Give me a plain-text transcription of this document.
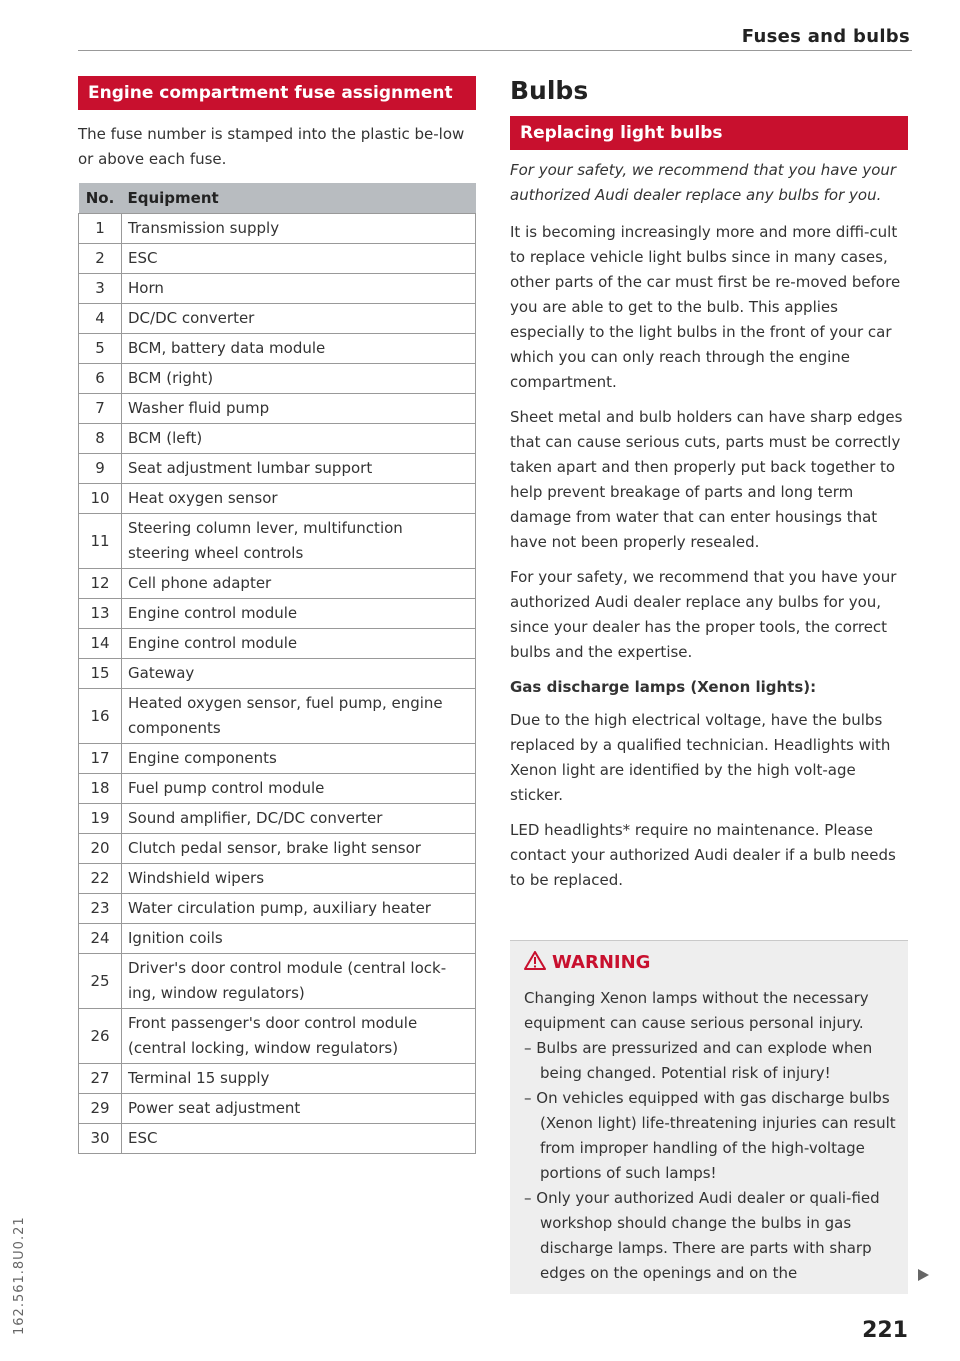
Fuses and bulbs
Engine compartment fuse assignment
The fuse number is stamped into the plastic be-low or above each fuse.
No.	Equipment
1	Transmission supply
2	ESC
3	Horn
4	DC/DC converter
5	BCM, battery data module
6	BCM (right)
7	Washer fluid pump
8	BCM (left)
9	Seat adjustment lumbar support
10	Heat oxygen sensor
11	Steering column lever, multifunction steering wheel controls
12	Cell phone adapter
13	Engine control module
14	Engine control module
15	Gateway
16	Heated oxygen sensor, fuel pump, engine components
17	Engine components
18	Fuel pump control module
19	Sound amplifier, DC/DC converter
20	Clutch pedal sensor, brake light sensor
22	Windshield wipers
23	Water circulation pump, auxiliary heater
24	Ignition coils
25	Driver's door control module (central lock-ing, window regulators)
26	Front passenger's door control module (central locking, window regulators)
27	Terminal 15 supply
29	Power seat adjustment
30	ESC
Bulbs
Replacing light bulbs

For your safety, we recommend that you have your authorized Audi dealer replace any bulbs for you.

It is becoming increasingly more and more diffi-cult to replace vehicle light bulbs since in many cases, other parts of the car must first be re-moved before you are able to get to the bulb. This applies especially to the light bulbs in the front of your car which you can only reach through the engine compartment.

Sheet metal and bulb holders can have sharp edges that can cause serious cuts, parts must be correctly taken apart and then properly put back together to help prevent breakage of parts and long term damage from water that can enter housings that have not been properly resealed.

For your safety, we recommend that you have your authorized Audi dealer replace any bulbs for you, since your dealer has the proper tools, the correct bulbs and the expertise.

Gas discharge lamps (Xenon lights):

Due to the high electrical voltage, have the bulbs replaced by a qualified technician. Headlights with Xenon light are identified by the high volt-age sticker.

LED headlights* require no maintenance. Please contact your authorized Audi dealer if a bulb needs to be replaced.

WARNING
Changing Xenon lamps without the necessary equipment can cause serious personal injury.
– Bulbs are pressurized and can explode when being changed. Potential risk of injury!
– On vehicles equipped with gas discharge bulbs (Xenon light) life-threatening injuries can result from improper handling of the high-voltage portions of such lamps!
– Only your authorized Audi dealer or quali-fied workshop should change the bulbs in gas discharge lamps. There are parts with sharp edges on the openings and on the
221
162.561.8U0.21
